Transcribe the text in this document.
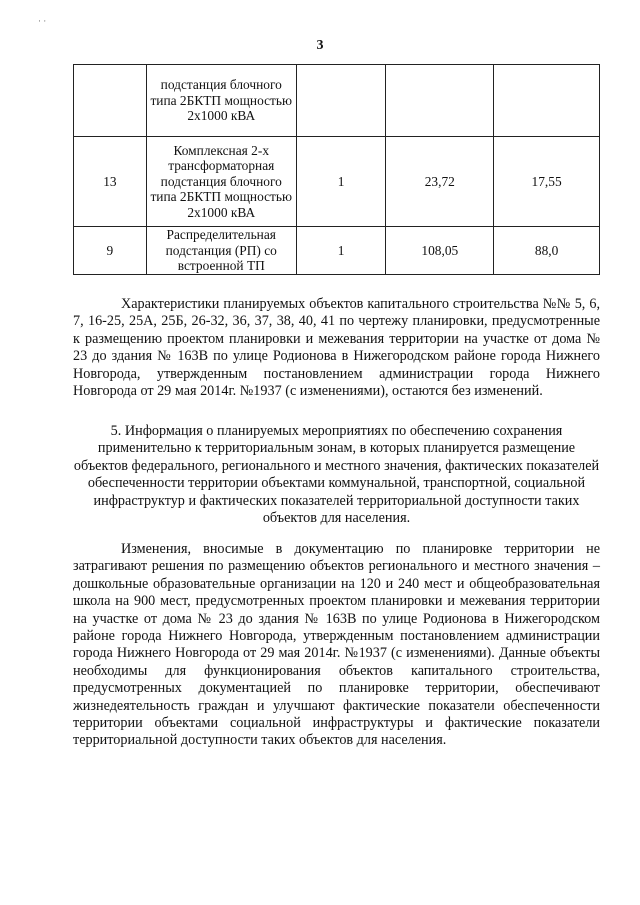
· ·
3
	подстанция блочного типа 2БКТП мощностью 2x1000 кВА			
13	Комплексная 2-х трансформаторная подстанция блочного типа 2БКТП мощностью 2x1000 кВА	1	23,72	17,55
9	Распределительная подстанция (РП) со встроенной ТП	1	108,05	88,0

Характеристики планируемых объектов капитального строительства №№ 5, 6, 7, 16-25, 25А, 25Б, 26-32, 36, 37, 38, 40, 41 по чертежу планировки, предусмотренные к размещению проектом планировки и межевания территории на участке от дома № 23 до здания № 163В по улице Родионова в Нижегородском районе города Нижнего Новгорода, утвержденным постановлением администрации города Нижнего Новгорода от 29 мая 2014г. №1937 (с изменениями), остаются без изменений.

5. Информация о планируемых мероприятиях по обеспечению сохранения применительно к территориальным зонам, в которых планируется размещение объектов федерального, регионального и местного значения, фактических показателей обеспеченности территории объектами коммунальной, транспортной, социальной инфраструктур и фактических показателей территориальной доступности таких объектов для населения.

Изменения, вносимые в документацию по планировке территории не затрагивают решения по размещению объектов регионального и местного значения – дошкольные образовательные организации на 120 и 240 мест и общеобразовательная школа на 900 мест, предусмотренных проектом планировки и межевания территории на участке от дома № 23 до здания № 163В по улице Родионова в Нижегородском районе города Нижнего Новгорода, утвержденным постановлением администрации города Нижнего Новгорода от 29 мая 2014г. №1937 (с изменениями). Данные объекты необходимы для функционирования объектов капитального строительства, предусмотренных документацией по планировке территории, обеспечивают жизнедеятельность граждан и улучшают фактические показатели обеспеченности территории объектами социальной инфраструктуры и фактические показатели территориальной доступности таких объектов для населения.
